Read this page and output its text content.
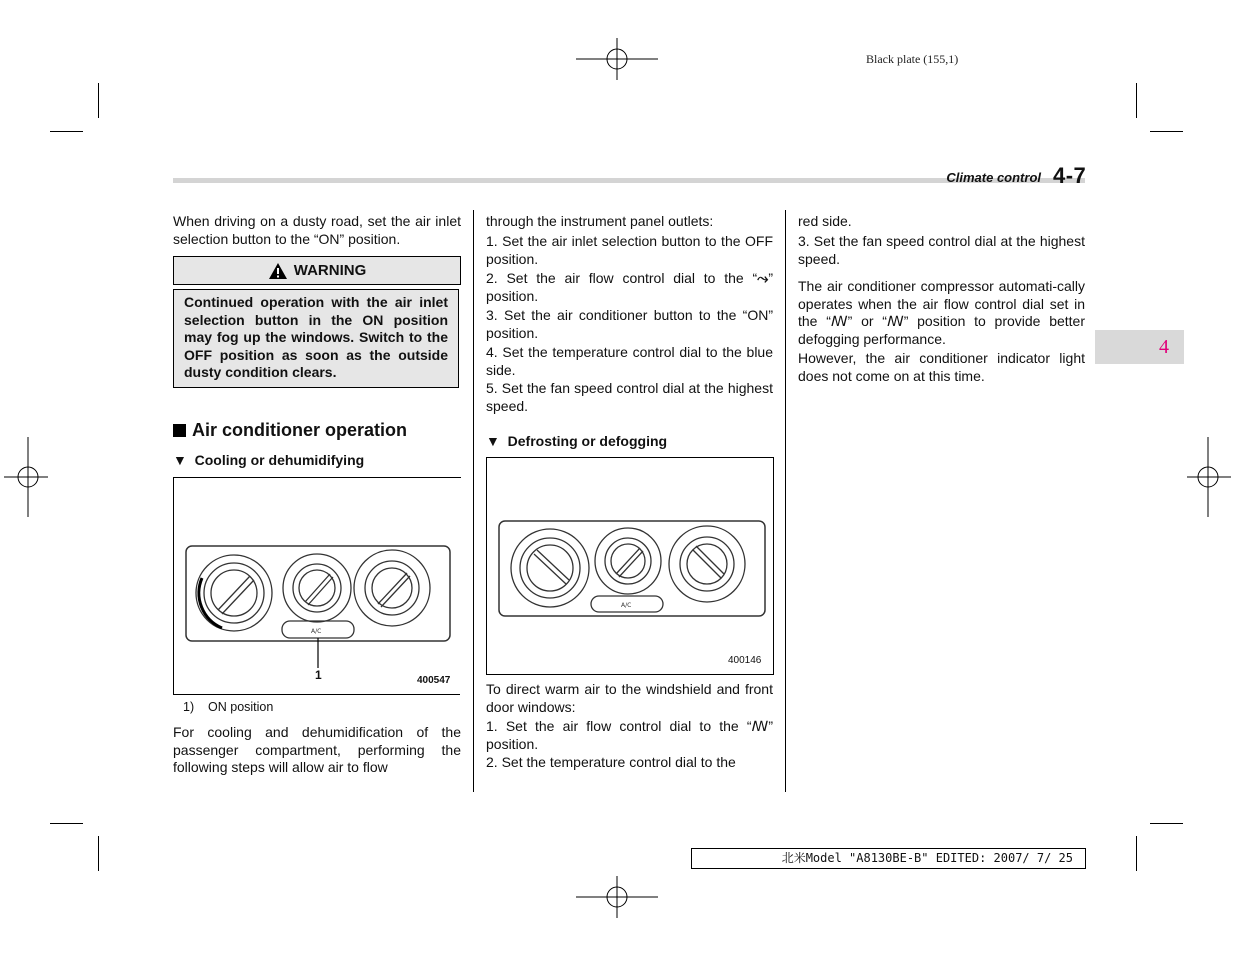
Black plate (155,1)
Climate control 4-7
4

When driving on a dusty road, set the air inlet selection button to the “ON” position.

WARNING
Continued operation with the air inlet selection button in the ON position may fog up the windows. Switch to the OFF position as soon as the outside dusty condition clears.
Air conditioner operation
▼  Cooling or dehumidifying
A/C
1	400547
1) ON position

For cooling and dehumidification of the passenger compartment, performing the following steps will allow air to flow

through the instrument panel outlets:

1. Set the air inlet selection button to the OFF position.

2. Set the air flow control dial to the “⤳” position.

3. Set the air conditioner button to the “ON” position.

4. Set the temperature control dial to the blue side.

5. Set the fan speed control dial at the highest speed.

▼  Defrosting or defogging
A/C
400146

To direct warm air to the windshield and front door windows:

1. Set the air flow control dial to the “ꟿ” position.

2. Set the temperature control dial to the

red side.

3. Set the fan speed control dial at the highest speed.

The air conditioner compressor automati-cally operates when the air flow control dial set in the “ꟿ” or “ꟿ” position to provide better defogging performance.

However, the air conditioner indicator light does not come on at this time.

北米Model "A8130BE-B" EDITED: 2007/ 7/ 25
